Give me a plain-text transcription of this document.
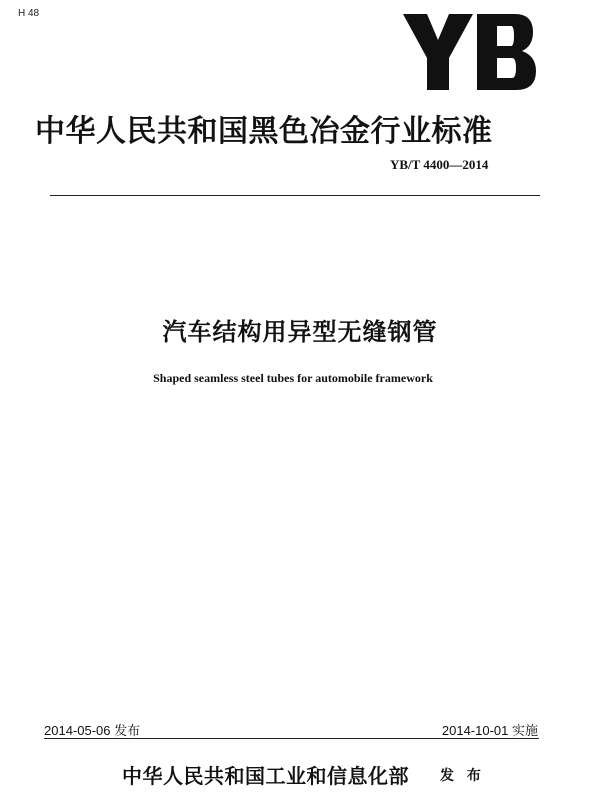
H 48
中华人民共和国黑色冶金行业标准
YB/T 4400—2014
汽车结构用异型无缝钢管
Shaped seamless steel tubes for automobile framework
2014-05-06 发布	2014-10-01 实施
中华人民共和国工业和信息化部 发 布
